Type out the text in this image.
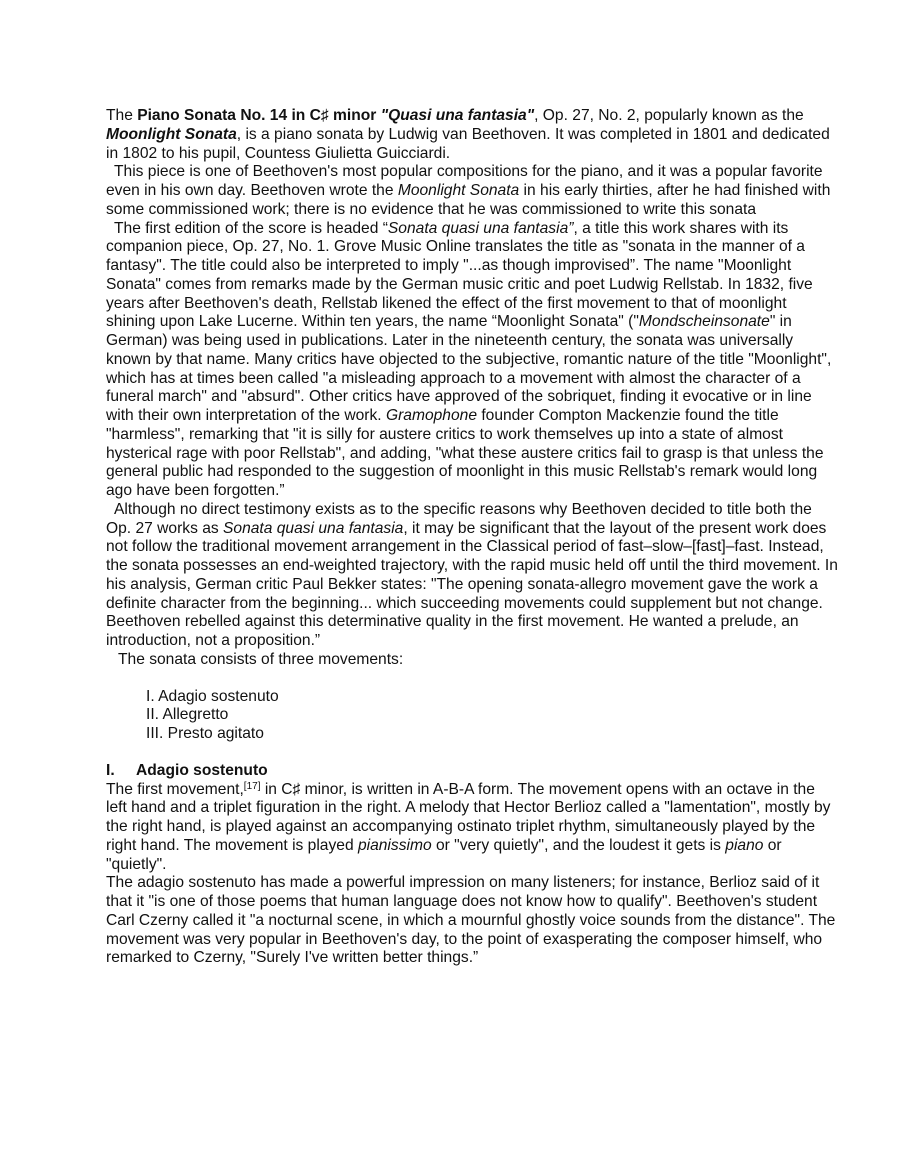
The Piano Sonata No. 14 in C♯ minor "Quasi una fantasia", Op. 27, No. 2, popularly known as the Moonlight Sonata, is a piano sonata by Ludwig van Beethoven. It was completed in 1801 and dedicated in 1802 to his pupil, Countess Giulietta Guicciardi.

This piece is one of Beethoven's most popular compositions for the piano, and it was a popular favorite even in his own day. Beethoven wrote the Moonlight Sonata in his early thirties, after he had finished with some commissioned work; there is no evidence that he was commissioned to write this sonata

The first edition of the score is headed “Sonata quasi una fantasia”, a title this work shares with its companion piece, Op. 27, No. 1. Grove Music Online translates the title as "sonata in the manner of a fantasy". The title could also be interpreted to imply "...as though improvised”. The name "Moonlight Sonata" comes from remarks made by the German music critic and poet Ludwig Rellstab. In 1832, five years after Beethoven's death, Rellstab likened the effect of the first movement to that of moonlight shining upon Lake Lucerne. Within ten years, the name “Moonlight Sonata" ("Mondscheinsonate" in German) was being used in publications. Later in the nineteenth century, the sonata was universally known by that name. Many critics have objected to the subjective, romantic nature of the title "Moonlight", which has at times been called "a misleading approach to a movement with almost the character of a funeral march" and "absurd". Other critics have approved of the sobriquet, finding it evocative or in line with their own interpretation of the work. Gramophone founder Compton Mackenzie found the title "harmless", remarking that "it is silly for austere critics to work themselves up into a state of almost hysterical rage with poor Rellstab", and adding, "what these austere critics fail to grasp is that unless the general public had responded to the suggestion of moonlight in this music Rellstab's remark would long ago have been forgotten.”

Although no direct testimony exists as to the specific reasons why Beethoven decided to title both the Op. 27 works as Sonata quasi una fantasia, it may be significant that the layout of the present work does not follow the traditional movement arrangement in the Classical period of fast–slow–[fast]–fast. Instead, the sonata possesses an end-weighted trajectory, with the rapid music held off until the third movement. In his analysis, German critic Paul Bekker states: "The opening sonata-allegro movement gave the work a definite character from the beginning... which succeeding movements could supplement but not change. Beethoven rebelled against this determinative quality in the first movement. He wanted a prelude, an introduction, not a proposition.”

The sonata consists of three movements:

I. Adagio sostenuto
II. Allegretto
III. Presto agitato
I. Adagio sostenuto

The first movement,[17] in C♯ minor, is written in A-B-A form. The movement opens with an octave in the left hand and a triplet figuration in the right. A melody that Hector Berlioz called a "lamentation", mostly by the right hand, is played against an accompanying ostinato triplet rhythm, simultaneously played by the right hand. The movement is played pianissimo or "very quietly", and the loudest it gets is piano or "quietly".

The adagio sostenuto has made a powerful impression on many listeners; for instance, Berlioz said of it that it "is one of those poems that human language does not know how to qualify". Beethoven's student Carl Czerny called it "a nocturnal scene, in which a mournful ghostly voice sounds from the distance". The movement was very popular in Beethoven's day, to the point of exasperating the composer himself, who remarked to Czerny, "Surely I've written better things.”
